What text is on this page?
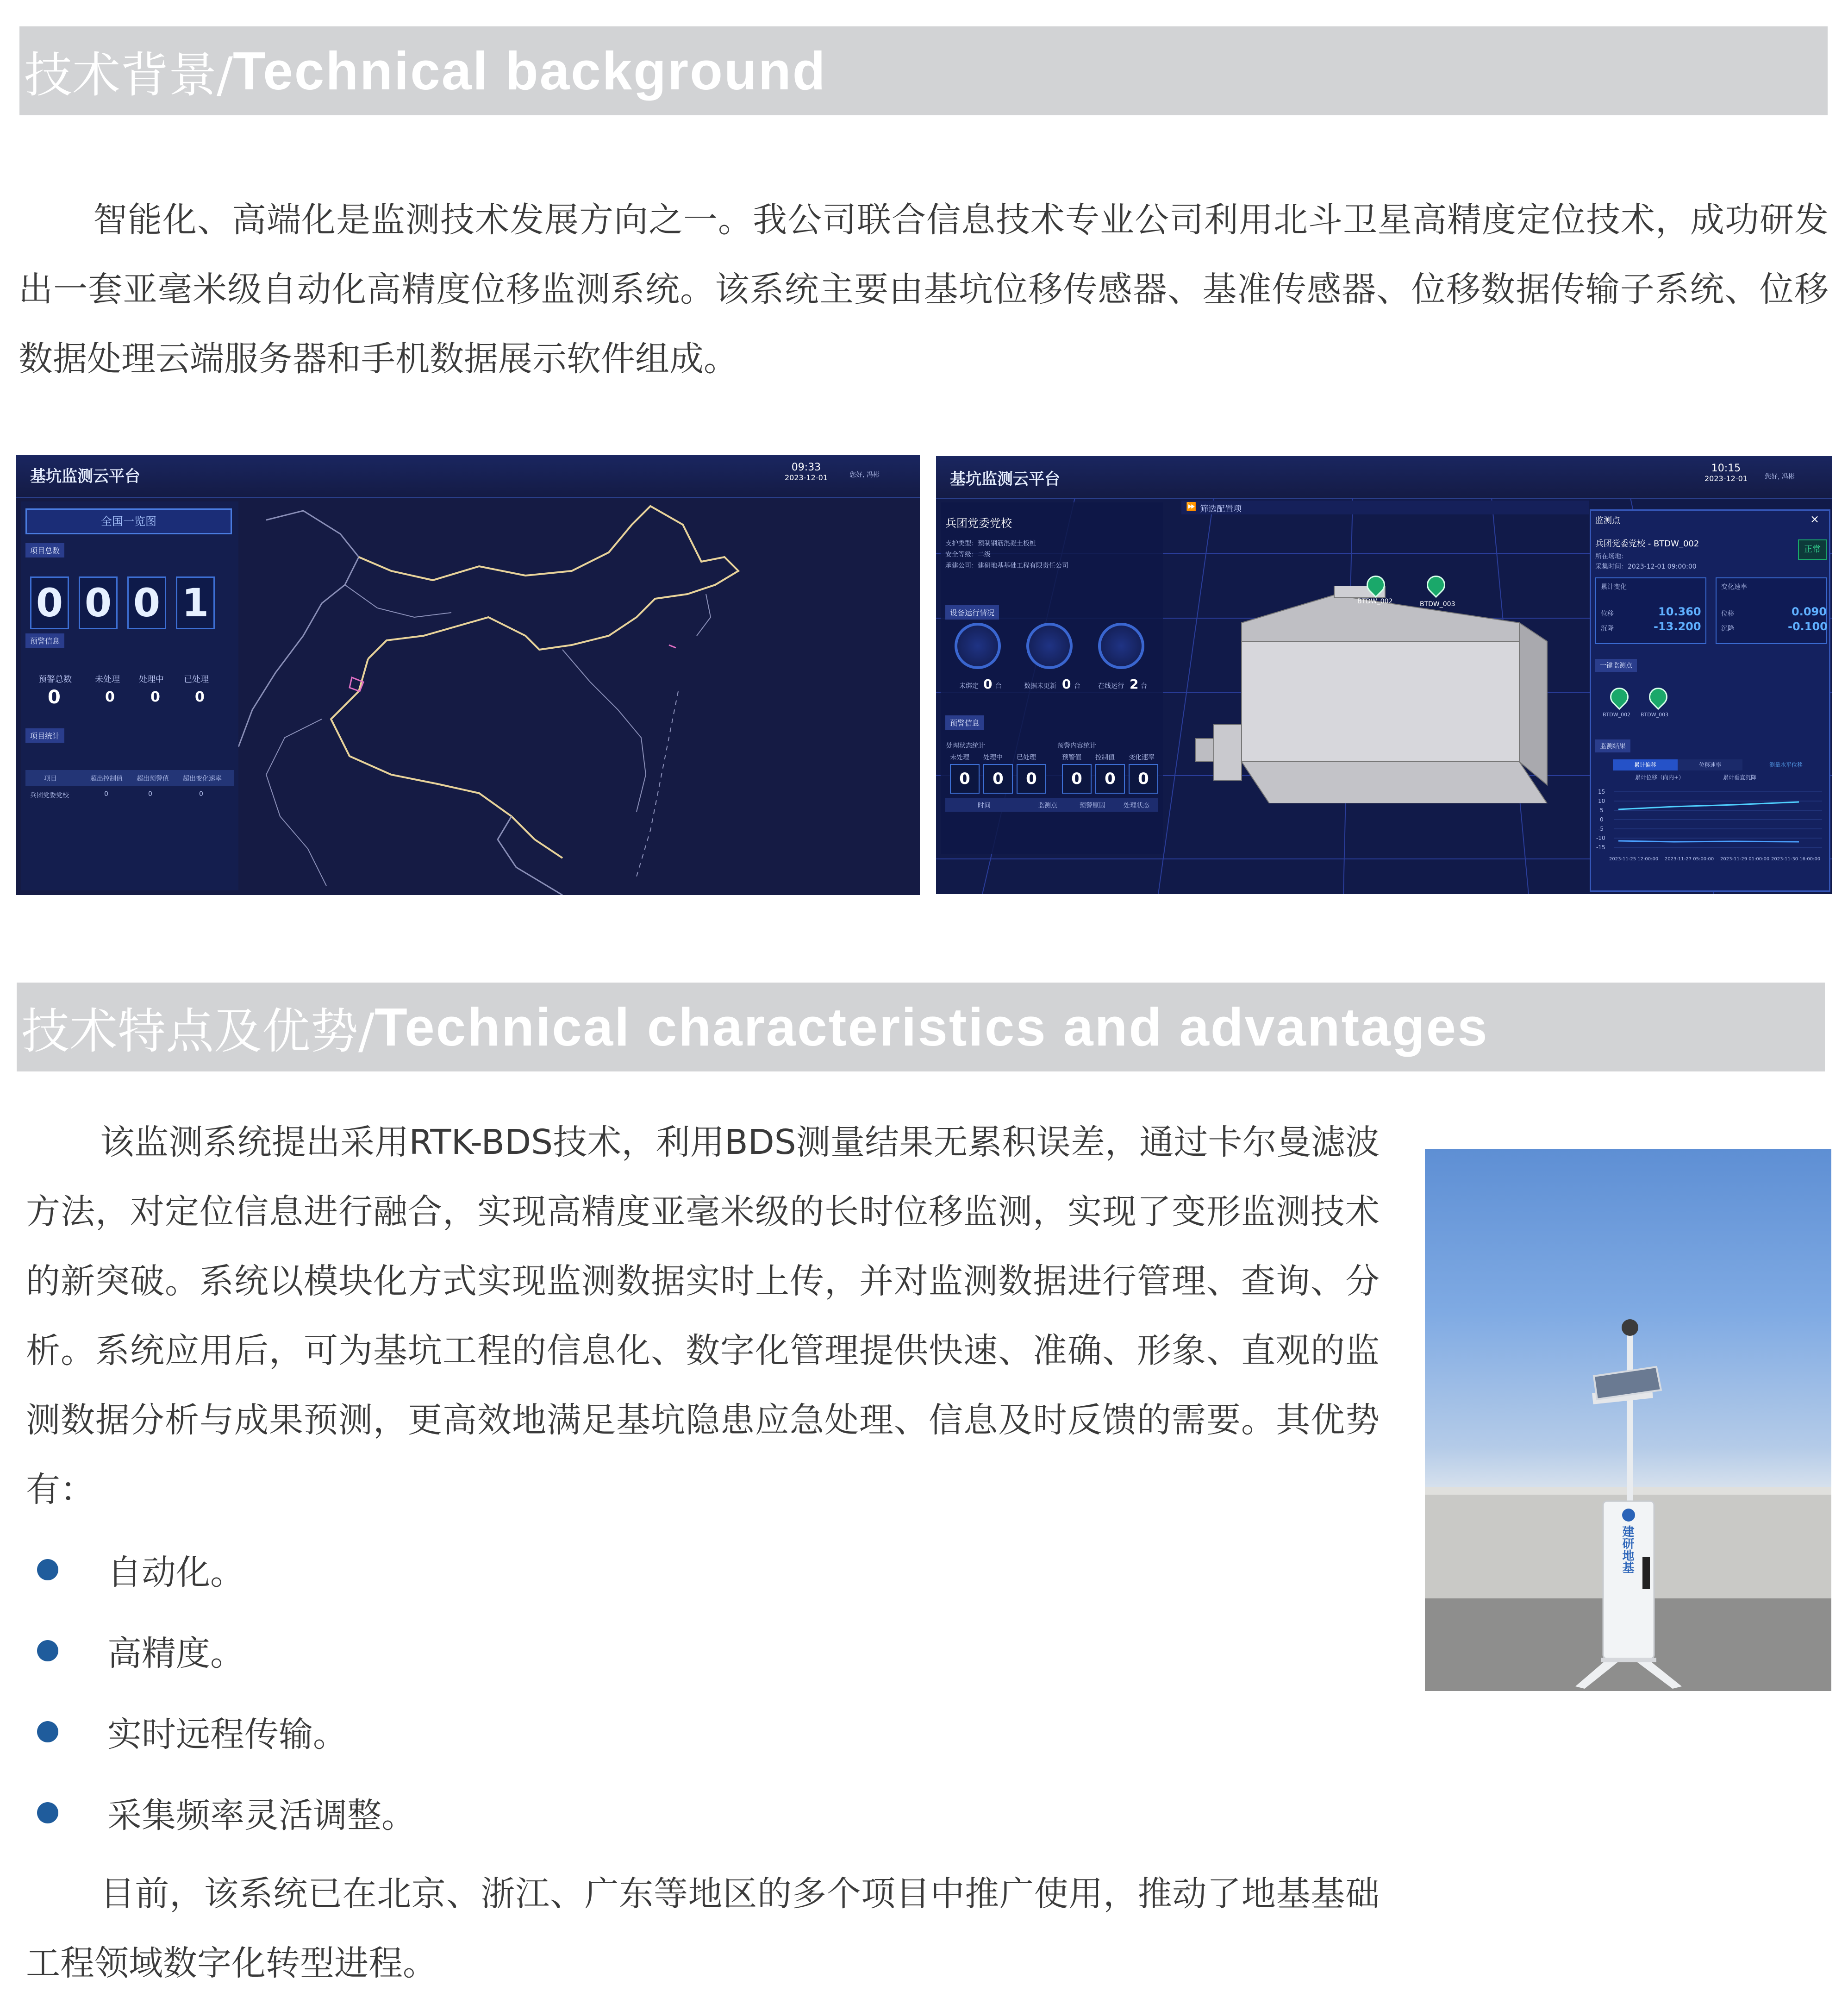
技术背景/ Technical background

智能化、高端化是监测技术发展方向之一。我公司联合信息技术专业公司利用北斗卫星高精度定位技术，成功研发出一套亚毫米级自动化高精度位移监测系统。该系统主要由基坑位移传感器、基准传感器、位移数据传输子系统、位移数据处理云端服务器和手机数据展示软件组成。

基坑监测云平台	09:33
2023-12-01	您好, 冯彬
全国一览图
项目总数
0 0 0 1
预警信息
预警总数	未处理 处理中 已处理
0	0	0	0
项目统计
项目	超出控制值 超出预警值 超出变化速率
兵团党委党校	0	0	0
基坑监测云平台
10:15
2023-12-01	您好, 冯彬
⏩ 筛选配置项
兵团党委党校
支护类型：预制钢筋混凝土板桩
安全等级：二级
承建公司：建研地基基础工程有限责任公司
设备运行情况
未绑定 0 台	数据未更新 0 台	在线运行 2 台
预警信息
处理状态统计	预警内容统计
未处理 处理中 已处理	预警值 控制值 变化速率
0	0	0	0	0	0
时间	监测点	预警原因	处理状态
BTDW_002	BTDW_003
监测点	×
兵团党委党校 - BTDW_002
正常
所在场地：
采集时间：2023-12-01 09:00:00
累计变化
位移	10.360
沉降	-13.200
变化速率
位移	0.090
沉降	-0.100
一键监测点
BTDW_002 BTDW_003
监测结果
累计偏移	位移速率	测量水平位移
累计位移（向内+）	累计垂直沉降
15
10
5
0
-5
-10
-15
2023-11-25 12:00:00 2023-11-27 05:00:00 2023-11-29 01:00:00 2023-11-30 16:00:00
技术特点及优势/ Technical characteristics and advantages

该监测系统提出采用RTK-BDS技术，利用BDS测量结果无累积误差，通过卡尔曼滤波方法，对定位信息进行融合，实现高精度亚毫米级的长时位移监测，实现了变形监测技术的新突破。系统以模块化方式实现监测数据实时上传，并对监测数据进行管理、查询、分析。系统应用后，可为基坑工程的信息化、数字化管理提供快速、准确、形象、直观的监测数据分析与成果预测，更高效地满足基坑隐患应急处理、信息及时反馈的需要。其优势有：

自动化。
高精度。
实时远程传输。
采集频率灵活调整。

目前，该系统已在北京、浙江、广东等地区的多个项目中推广使用，推动了地基基础工程领域数字化转型进程。

建研地基
